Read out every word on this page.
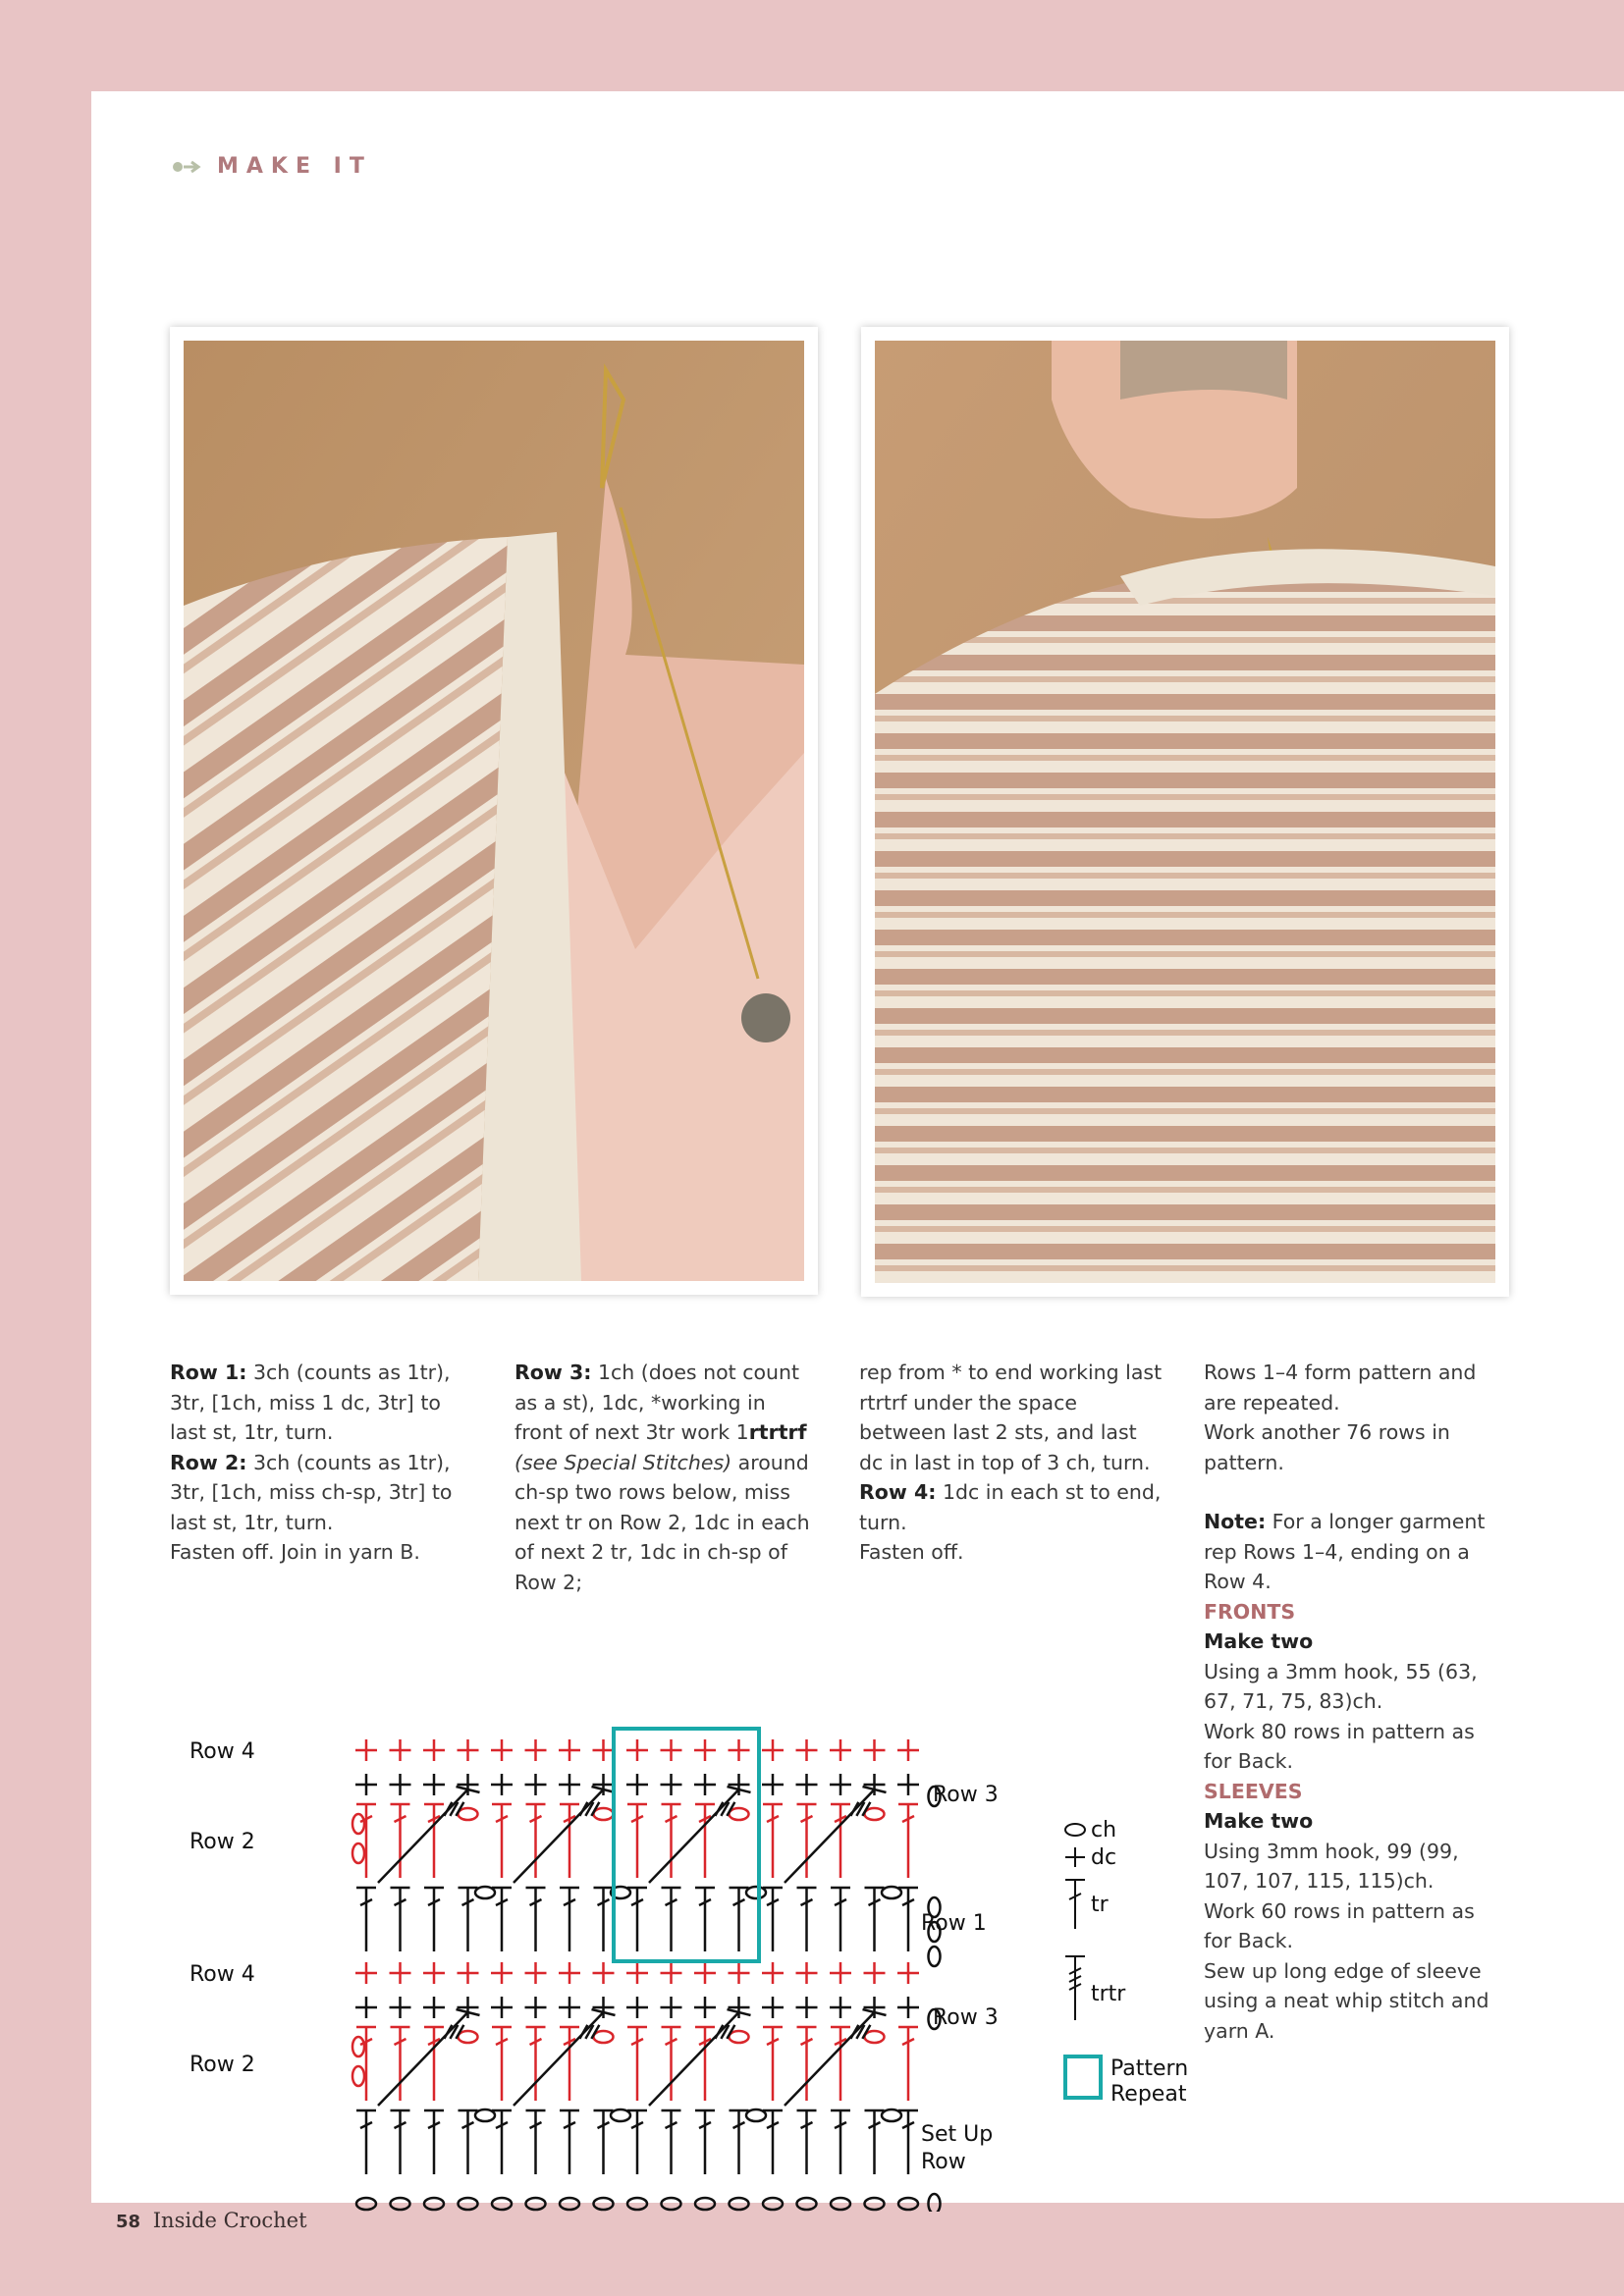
MAKE IT

Row 1: 3ch (counts as 1tr), 3tr, [1ch, miss 1 dc, 3tr] to last st, 1tr, turn.

Row 2: 3ch (counts as 1tr), 3tr, [1ch, miss ch-sp, 3tr] to last st, 1tr, turn.

Fasten off. Join in yarn B.

Row 3: 1ch (does not count as a st), 1dc, *working in front of next 3tr work 1rtrtrf (see Special Stitches) around ch-sp two rows below, miss next tr on Row 2, 1dc in each of next 2 tr, 1dc in ch-sp of Row 2;

rep from * to end working last rtrtrf under the space between last 2 sts, and last dc in last in top of 3 ch, turn.

Row 4: 1dc in each st to end, turn.

Fasten off.

Rows 1–4 form pattern and are repeated.

Work another 76 rows in pattern.

Note: For a longer garment rep Rows 1–4, ending on a Row 4.

FRONTS

Make two

Using a 3mm hook, 55 (63, 67, 71, 75, 83)ch.

Work 80 rows in pattern as for Back.

SLEEVES

Make two

Using 3mm hook, 99 (99, 107, 107, 115, 115)ch.

Work 60 rows in pattern as for Back.

Sew up long edge of sleeve using a neat whip stitch and yarn A.

Row 4
Row 2
Row 3
Row 1
Row 4
Row 2
Row 3
Set Up
Row
ch
dc
tr
trtr
Pattern
Repeat
58 Inside Crochet
